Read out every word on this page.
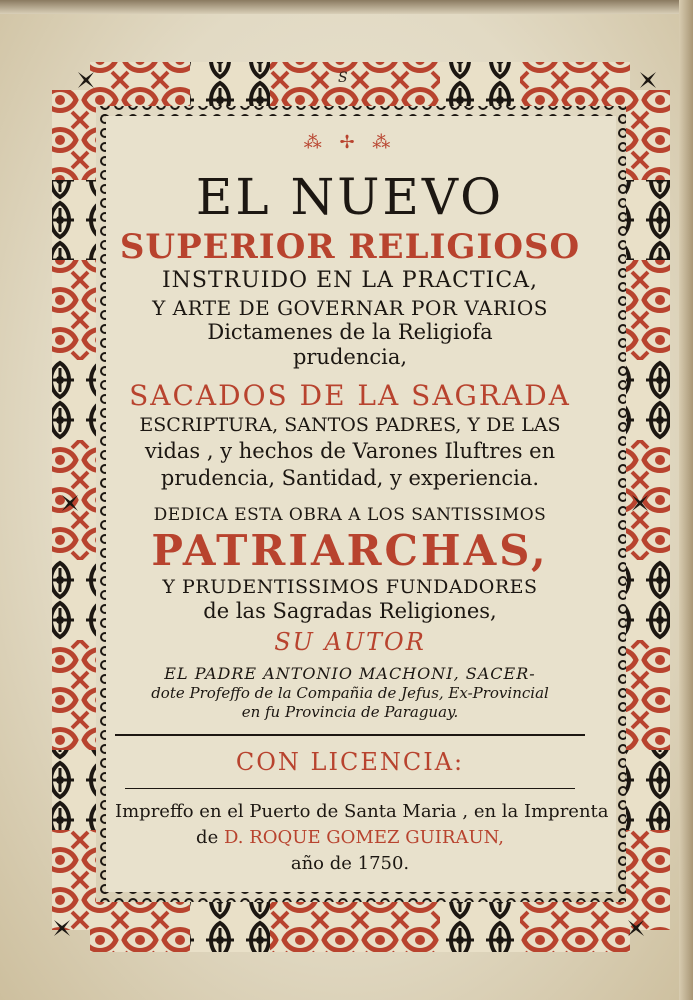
S
⁂ ✢ ⁂
EL NUEVO
SUPERIOR RELIGIOSO
INSTRUIDO EN LA PRACTICA,
Y ARTE DE GOVERNAR POR VARIOS
Dictamenes de la Religiofa
prudencia,
SACADOS DE LA SAGRADA
ESCRIPTURA, SANTOS PADRES, Y DE LAS
vidas , y hechos de Varones Iluftres en
prudencia, Santidad, y experiencia.
DEDICA ESTA OBRA A LOS SANTISSIMOS
PATRIARCHAS,
Y PRUDENTISSIMOS FUNDADORES
de las Sagradas Religiones,
SU AUTOR
EL PADRE ANTONIO MACHONI, SACER-
dote Profeffo de la Compañia de Jefus, Ex-Provincial
en fu Provincia de Paraguay.
CON LICENCIA:
Impreffo en el Puerto de Santa Maria , en la Imprenta
de D. ROQUE GOMEZ GUIRAUN,
año de 1750.
